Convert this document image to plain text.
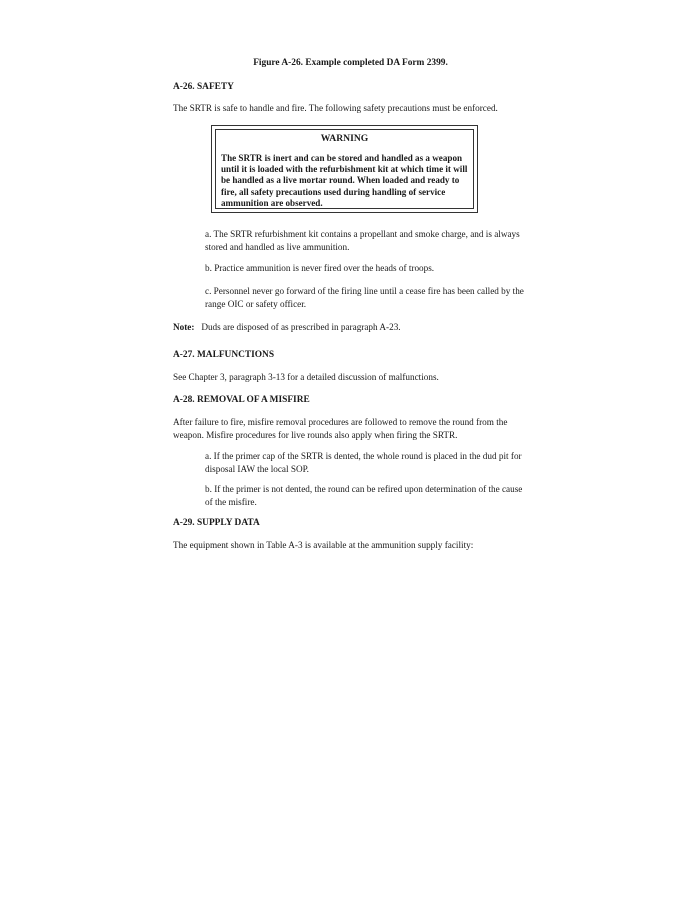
Figure A-26. Example completed DA Form 2399.
A-26. SAFETY
The SRTR is safe to handle and fire. The following safety precautions must be enforced.
WARNING
The SRTR is inert and can be stored and handled as a weapon until it is loaded with the refurbishment kit at which time it will be handled as a live mortar round. When loaded and ready to fire, all safety precautions used during handling of service ammunition are observed.
a. The SRTR refurbishment kit contains a propellant and smoke charge, and is always stored and handled as live ammunition.
b. Practice ammunition is never fired over the heads of troops.
c. Personnel never go forward of the firing line until a cease fire has been called by the range OIC or safety officer.
Note: Duds are disposed of as prescribed in paragraph A-23.
A-27. MALFUNCTIONS
See Chapter 3, paragraph 3-13 for a detailed discussion of malfunctions.
A-28. REMOVAL OF A MISFIRE
After failure to fire, misfire removal procedures are followed to remove the round from the weapon. Misfire procedures for live rounds also apply when firing the SRTR.
a. If the primer cap of the SRTR is dented, the whole round is placed in the dud pit for disposal IAW the local SOP.
b. If the primer is not dented, the round can be refired upon determination of the cause of the misfire.
A-29. SUPPLY DATA
The equipment shown in Table A-3 is available at the ammunition supply facility:
